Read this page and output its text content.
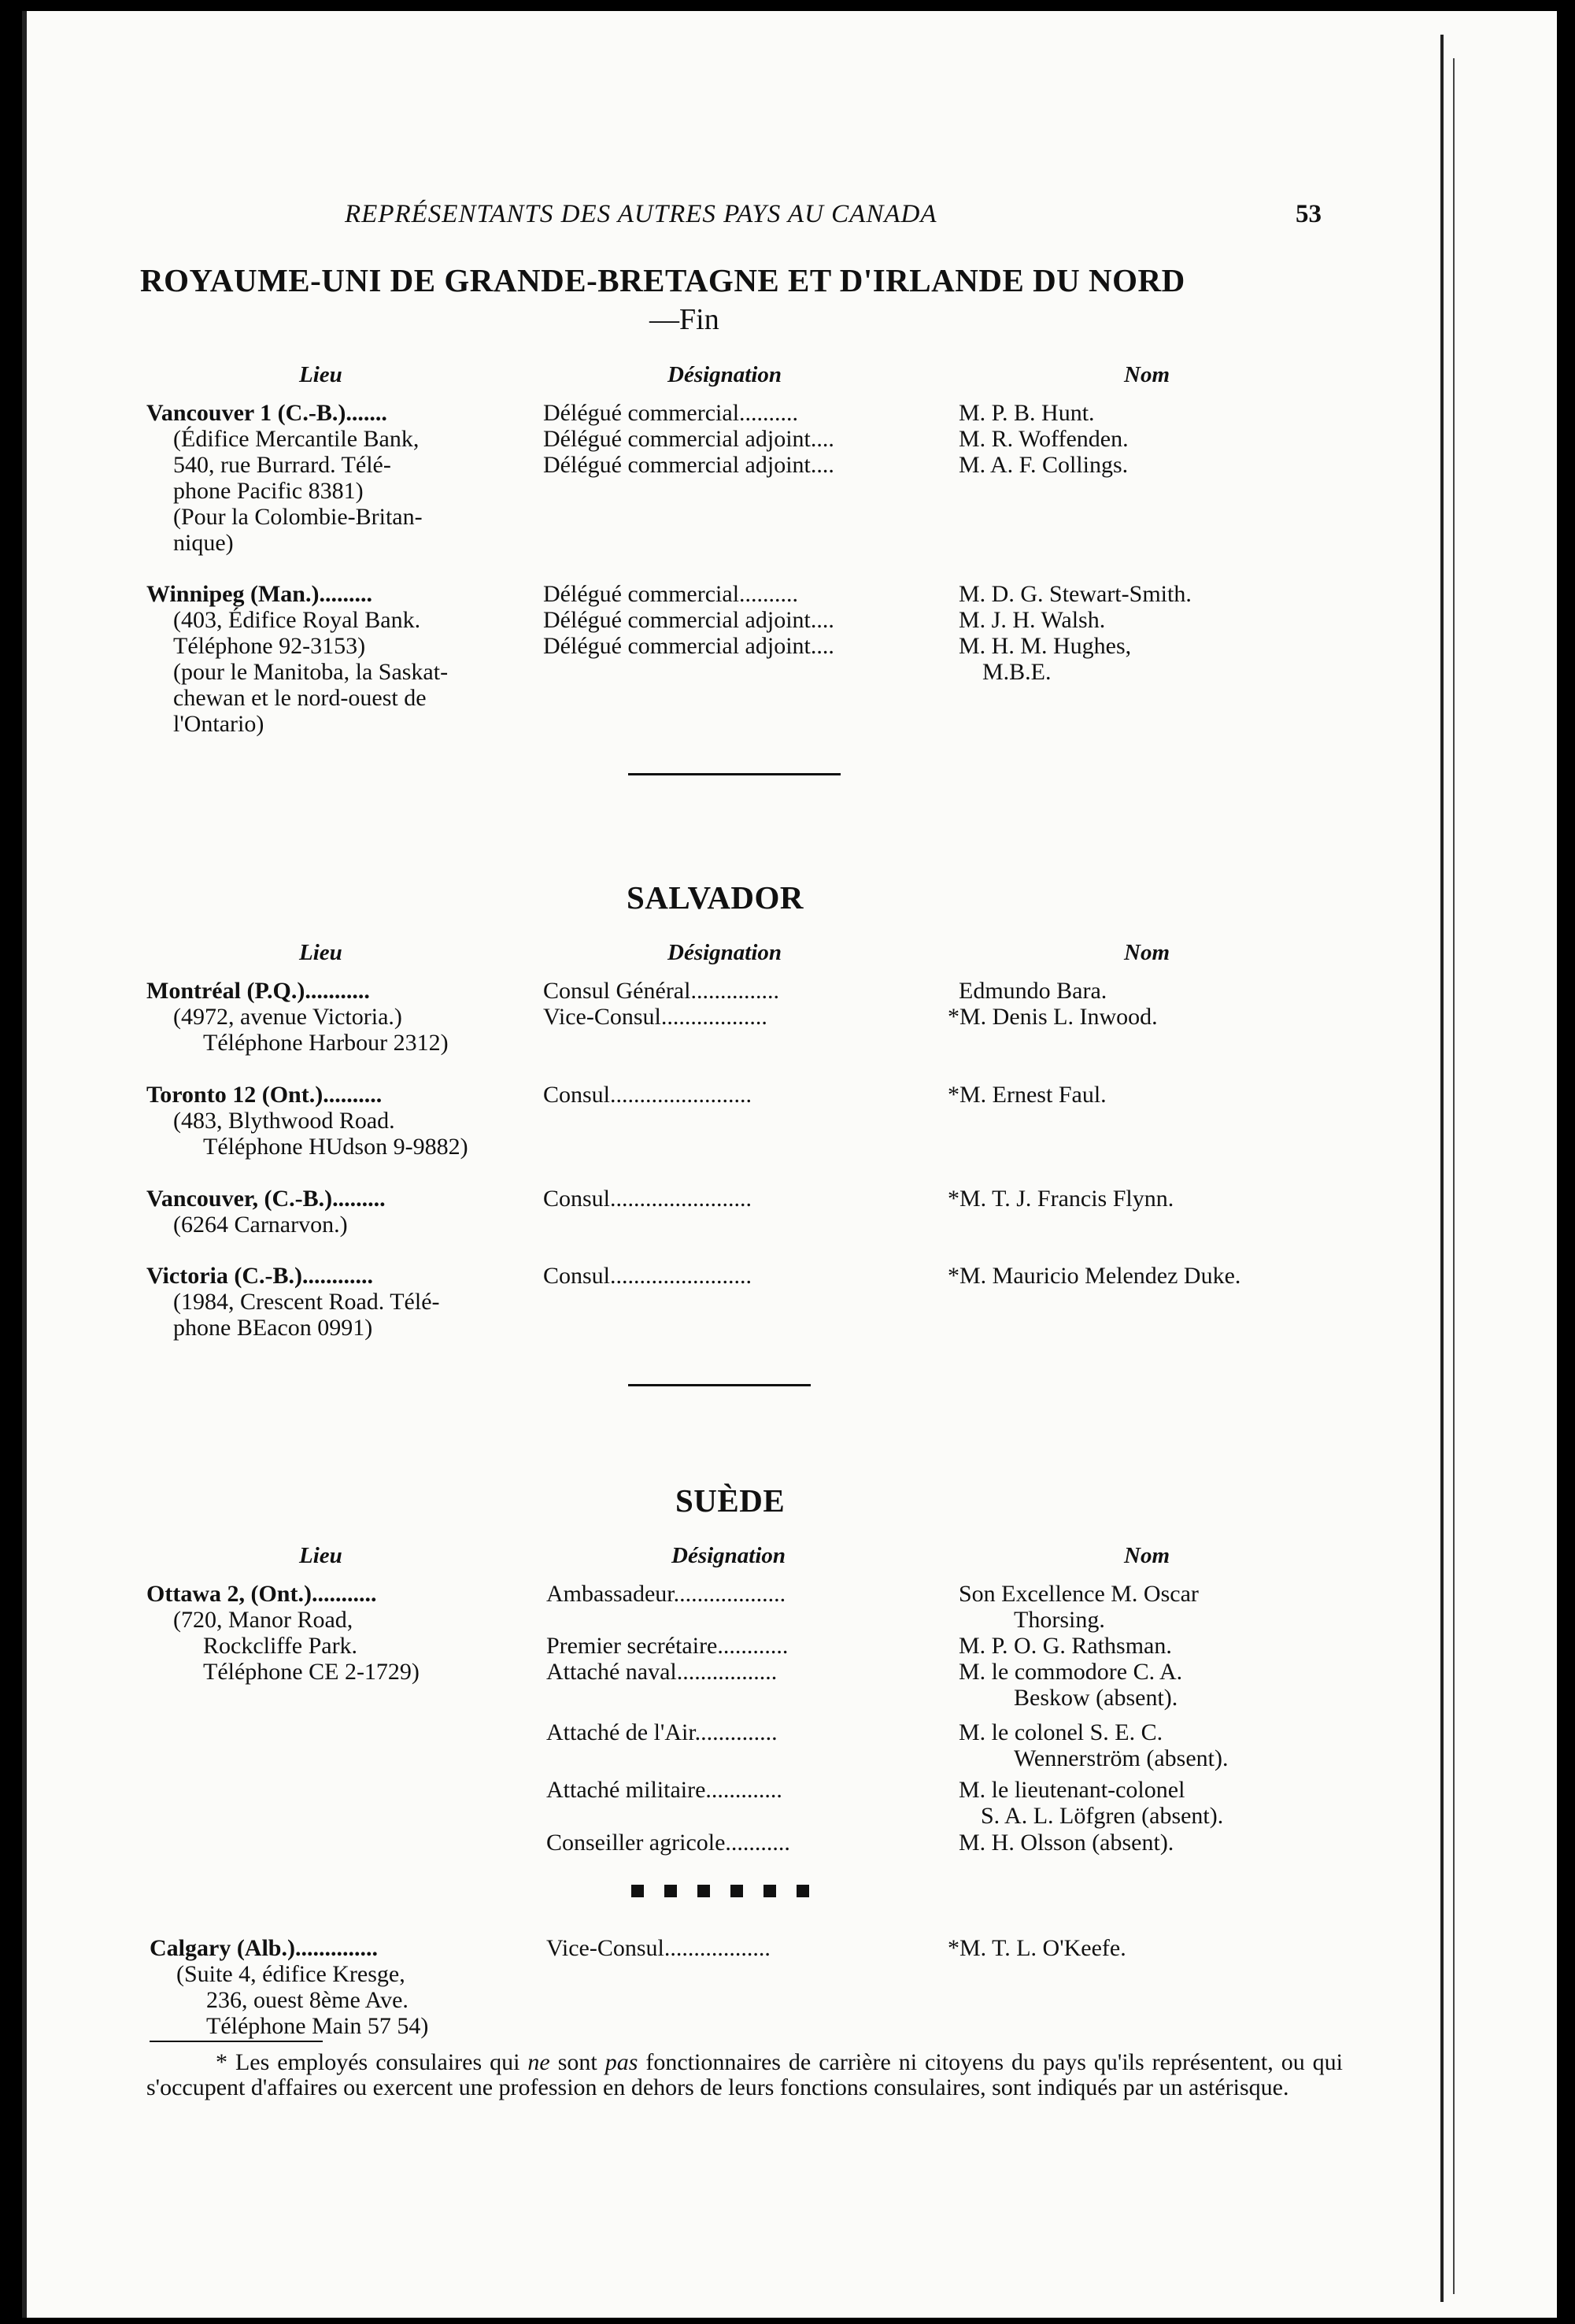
REPRÉSENTANTS DES AUTRES PAYS AU CANADA	53
ROYAUME-UNI DE GRANDE-BRETAGNE ET D'IRLANDE DU NORD
—Fin
Lieu	Désignation	Nom
Vancouver 1 (C.-B.).......
(Édifice Mercantile Bank,
540, rue Burrard. Télé-
phone Pacific 8381)
(Pour la Colombie-Britan-
nique)
Délégué commercial..........	M. P. B. Hunt.
Délégué commercial adjoint....	M. R. Woffenden.
Délégué commercial adjoint....	M. A. F. Collings.
Winnipeg (Man.).........
(403, Édifice Royal Bank.
Téléphone 92-3153)
(pour le Manitoba, la Saskat-
chewan et le nord-ouest de
l'Ontario)
Délégué commercial..........	M. D. G. Stewart-Smith.
Délégué commercial adjoint....	M. J. H. Walsh.
Délégué commercial adjoint....	M. H. M. Hughes,
M.B.E.
SALVADOR
Lieu	Désignation	Nom
Montréal (P.Q.)...........
(4972, avenue Victoria.)
Téléphone Harbour 2312)
Consul Général...............	Edmundo Bara.
Vice-Consul..................	*M. Denis L. Inwood.
Toronto 12 (Ont.)..........
(483, Blythwood Road.
Téléphone HUdson 9-9882)
Consul........................	*M. Ernest Faul.
Vancouver, (C.-B.).........
(6264 Carnarvon.)
Consul........................	*M. T. J. Francis Flynn.
Victoria (C.-B.)............
(1984, Crescent Road. Télé-
phone BEacon 0991)
Consul........................	*M. Mauricio Melendez Duke.
SUÈDE
Lieu	Désignation	Nom
Ottawa 2, (Ont.)...........
(720, Manor Road,
Rockcliffe Park.
Téléphone CE 2-1729)
Ambassadeur...................	Son Excellence M. Oscar
Thorsing.
Premier secrétaire............	M. P. O. G. Rathsman.
Attaché naval.................	M. le commodore C. A.
Beskow (absent).
Attaché de l'Air..............	M. le colonel S. E. C.
Wennerström (absent).
Attaché militaire.............	M. le lieutenant-colonel
S. A. L. Löfgren (absent).
Conseiller agricole...........	M. H. Olsson (absent).
Calgary (Alb.)..............
(Suite 4, édifice Kresge,
236, ouest 8ème Ave.
Téléphone Main 57 54)
Vice-Consul..................	*M. T. L. O'Keefe.
* Les employés consulaires qui ne sont pas fonctionnaires de carrière ni citoyens du pays qu'ils représentent, ou qui s'occupent d'affaires ou exercent une profession en dehors de leurs fonctions consulaires, sont indiqués par un astérisque.
